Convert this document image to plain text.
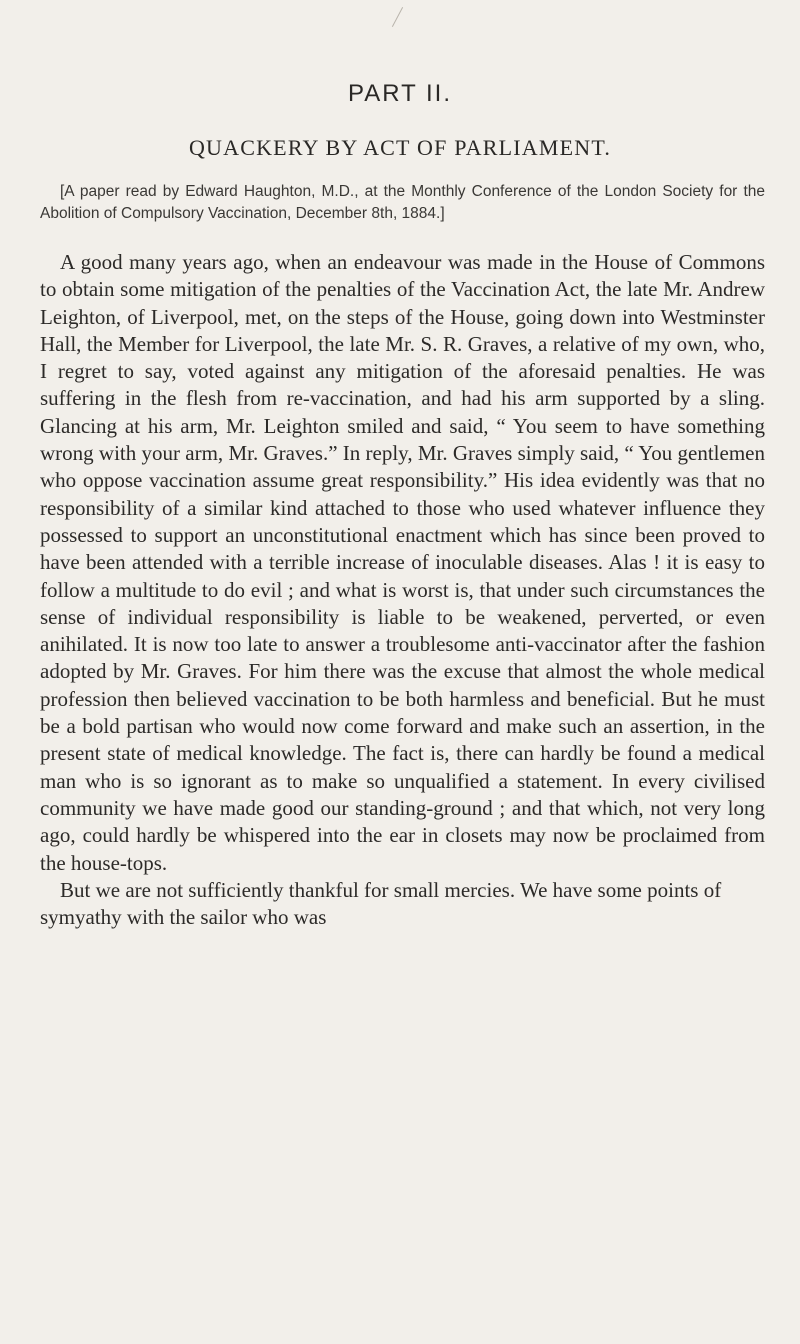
PART II.
QUACKERY BY ACT OF PARLIAMENT.
[A paper read by Edward Haughton, M.D., at the Monthly Conference of the London Society for the Abolition of Compulsory Vaccination, December 8th, 1884.]

A good many years ago, when an endeavour was made in the House of Commons to obtain some mitigation of the penalties of the Vaccination Act, the late Mr. Andrew Leighton, of Liverpool, met, on the steps of the House, going down into Westminster Hall, the Member for Liverpool, the late Mr. S. R. Graves, a relative of my own, who, I regret to say, voted against any mitigation of the aforesaid penalties. He was suffering in the flesh from re-vaccination, and had his arm supported by a sling. Glancing at his arm, Mr. Leighton smiled and said, “ You seem to have something wrong with your arm, Mr. Graves.” In reply, Mr. Graves simply said, “ You gentlemen who oppose vaccination assume great responsibility.” His idea evidently was that no responsibility of a similar kind attached to those who used whatever influence they possessed to support an unconstitutional enactment which has since been proved to have been attended with a terrible increase of inoculable diseases. Alas ! it is easy to follow a multitude to do evil ; and what is worst is, that under such circumstances the sense of individual responsibility is liable to be weakened, perverted, or even anihilated. It is now too late to answer a troublesome anti-vaccinator after the fashion adopted by Mr. Graves. For him there was the excuse that almost the whole medical profession then believed vaccination to be both harmless and beneficial. But he must be a bold partisan who would now come forward and make such an assertion, in the present state of medical knowledge. The fact is, there can hardly be found a medical man who is so ignorant as to make so unqualified a statement. In every civilised community we have made good our standing-ground ; and that which, not very long ago, could hardly be whispered into the ear in closets may now be proclaimed from the house-tops.

But we are not sufficiently thankful for small mercies. We have some points of symyathy with the sailor who was
